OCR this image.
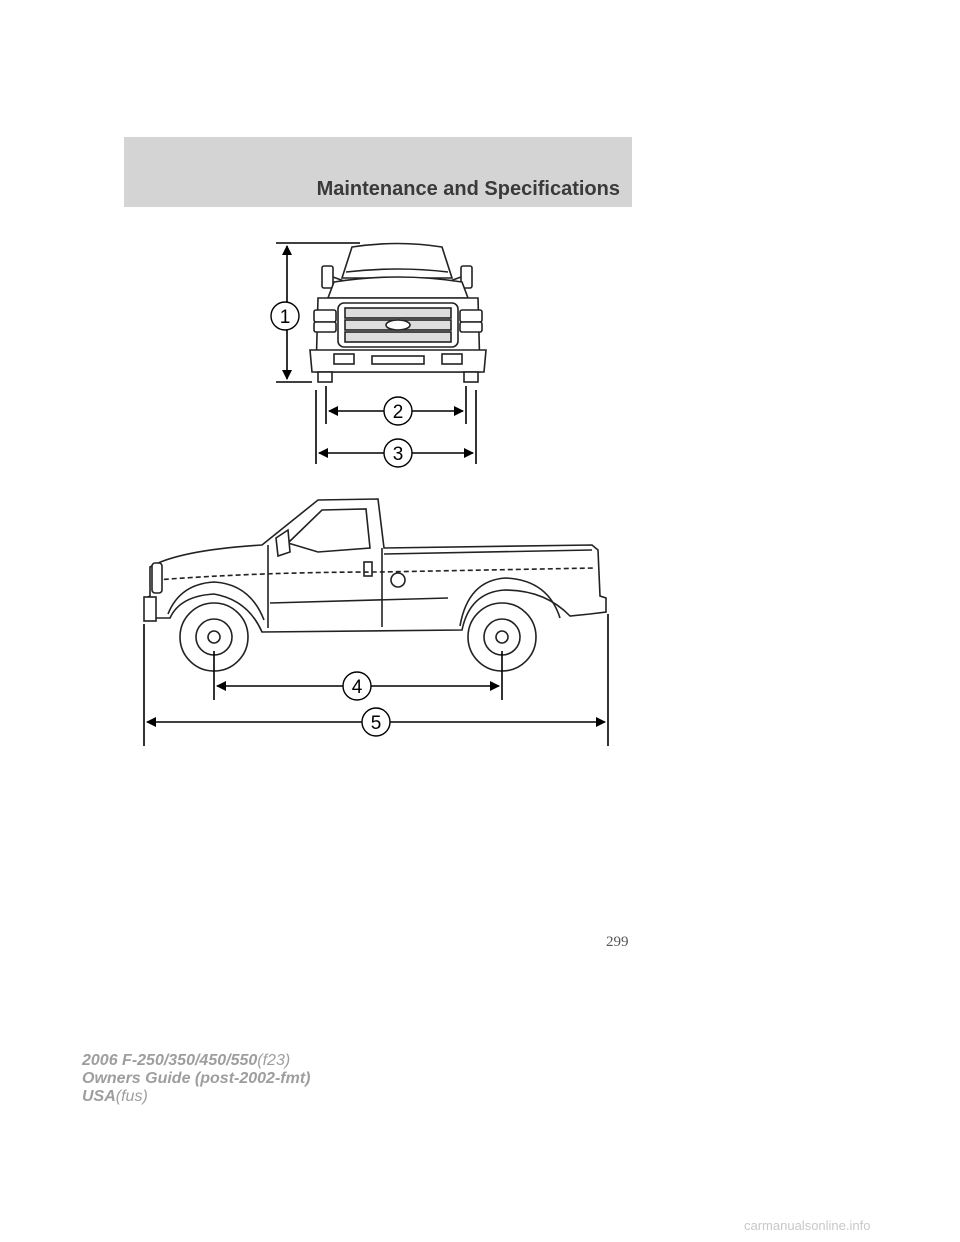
Maintenance and Specifications
1
2
3
4
5
299
2006 F-250/350/450/550(f23)
Owners Guide (post-2002-fmt)
USA(fus)
carmanualsonline.info
